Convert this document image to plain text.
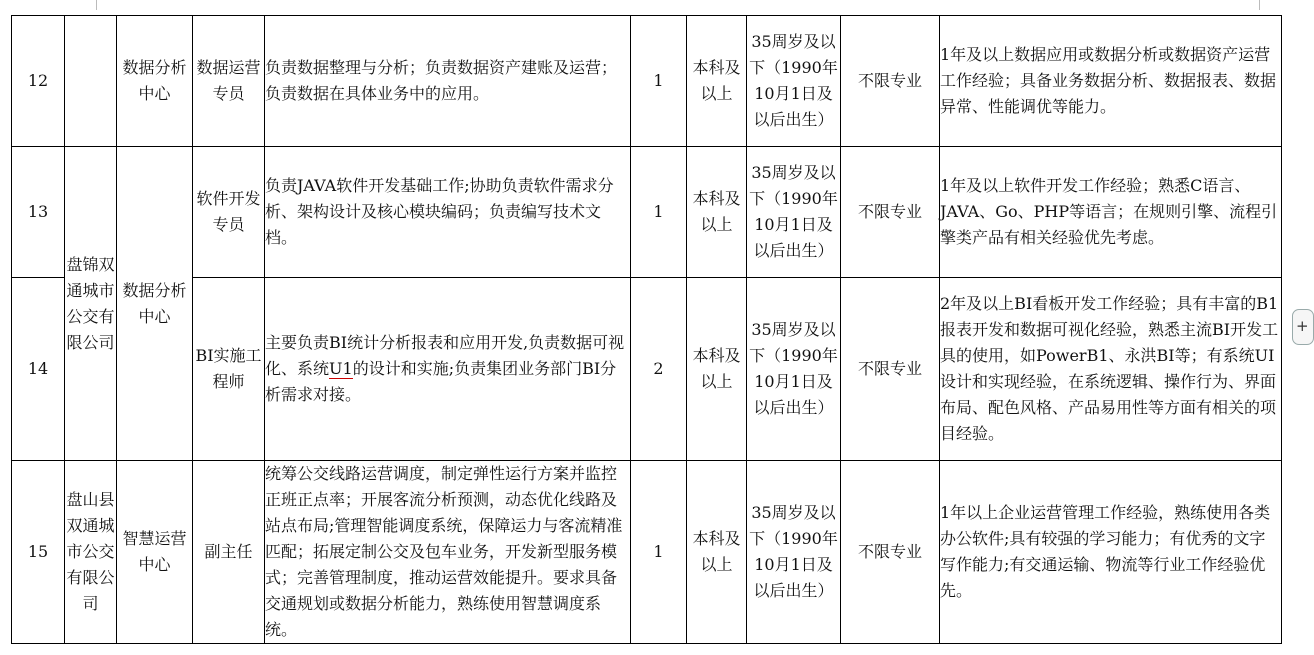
12		数据分析中心	数据运营专员	负责数据整理与分析；负责数据资产建账及运营；负责数据在具体业务中的应用。	1	本科及以上	35周岁及以下（1990年10月1日及以后出生）	不限专业	1年及以上数据应用或数据分析或数据资产运营工作经验；具备业务数据分析、数据报表、数据异常、性能调优等能力。
13	盘锦双通城市公交有限公司	数据分析中心	软件开发专员	负责JAVA软件开发基础工作;协助负责软件需求分析、架构设计及核心模块编码；负责编写技术文档。	1	本科及以上	35周岁及以下（1990年10月1日及以后出生）	不限专业	1年及以上软件开发工作经验；熟悉C语言、JAVA、Go、PHP等语言；在规则引擎、流程引擎类产品有相关经验优先考虑。
14			BI实施工程师	主要负责BI统计分析报表和应用开发,负责数据可视化、系统U1的设计和实施;负责集团业务部门BI分析需求对接。	2	本科及以上	35周岁及以下（1990年10月1日及以后出生）	不限专业	2年及以上BI看板开发工作经验；具有丰富的B1报表开发和数据可视化经验，熟悉主流BI开发工具的使用，如PowerB1、永洪BI等；有系统UI设计和实现经验，在系统逻辑、操作行为、界面布局、配色风格、产品易用性等方面有相关的项目经验。
15	盘山县双通城市公交有限公司	智慧运营中心	副主任	统筹公交线路运营调度，制定弹性运行方案并监控正班正点率；开展客流分析预测，动态优化线路及站点布局;管理智能调度系统，保障运力与客流精准匹配；拓展定制公交及包车业务，开发新型服务模式；完善管理制度，推动运营效能提升。要求具备交通规划或数据分析能力，熟练使用智慧调度系统。	1	本科及以上	35周岁及以下（1990年10月1日及以后出生）	不限专业	1年以上企业运营管理工作经验，熟练使用各类办公软件;具有较强的学习能力；有优秀的文字写作能力;有交通运输、物流等行业工作经验优先。
+
